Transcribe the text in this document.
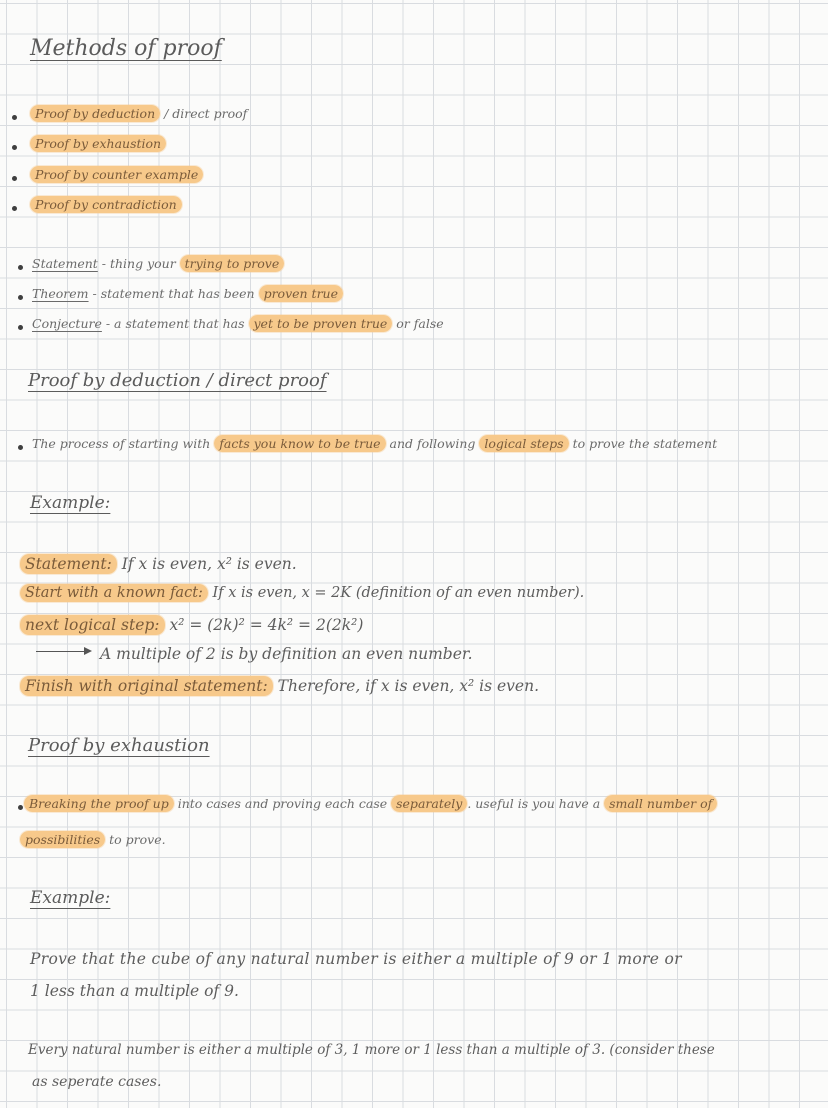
Methods of proof
Proof by deduction / direct proof
Proof by exhaustion
Proof by counter example
Proof by contradiction
Statement - thing your trying to prove
Theorem - statement that has been proven true
Conjecture - a statement that has yet to be proven true or false
Proof by deduction / direct proof
The process of starting with facts you know to be true and following logical steps to prove the statement
Example:
Statement: If x is even, x² is even.
Start with a known fact: If x is even, x = 2K (definition of an even number).
next logical step: x² = (2k)² = 4k² = 2(2k²)
A multiple of 2 is by definition an even number.
Finish with original statement: Therefore, if x is even, x² is even.
Proof by exhaustion
Breaking the proof up into cases and proving each case separately . useful is you have a small number of
possibilities to prove.
Example:
Prove that the cube of any natural number is either a multiple of 9 or 1 more or
1 less than a multiple of 9.
Every natural number is either a multiple of 3, 1 more or 1 less than a multiple of 3. (consider these
as seperate cases.
